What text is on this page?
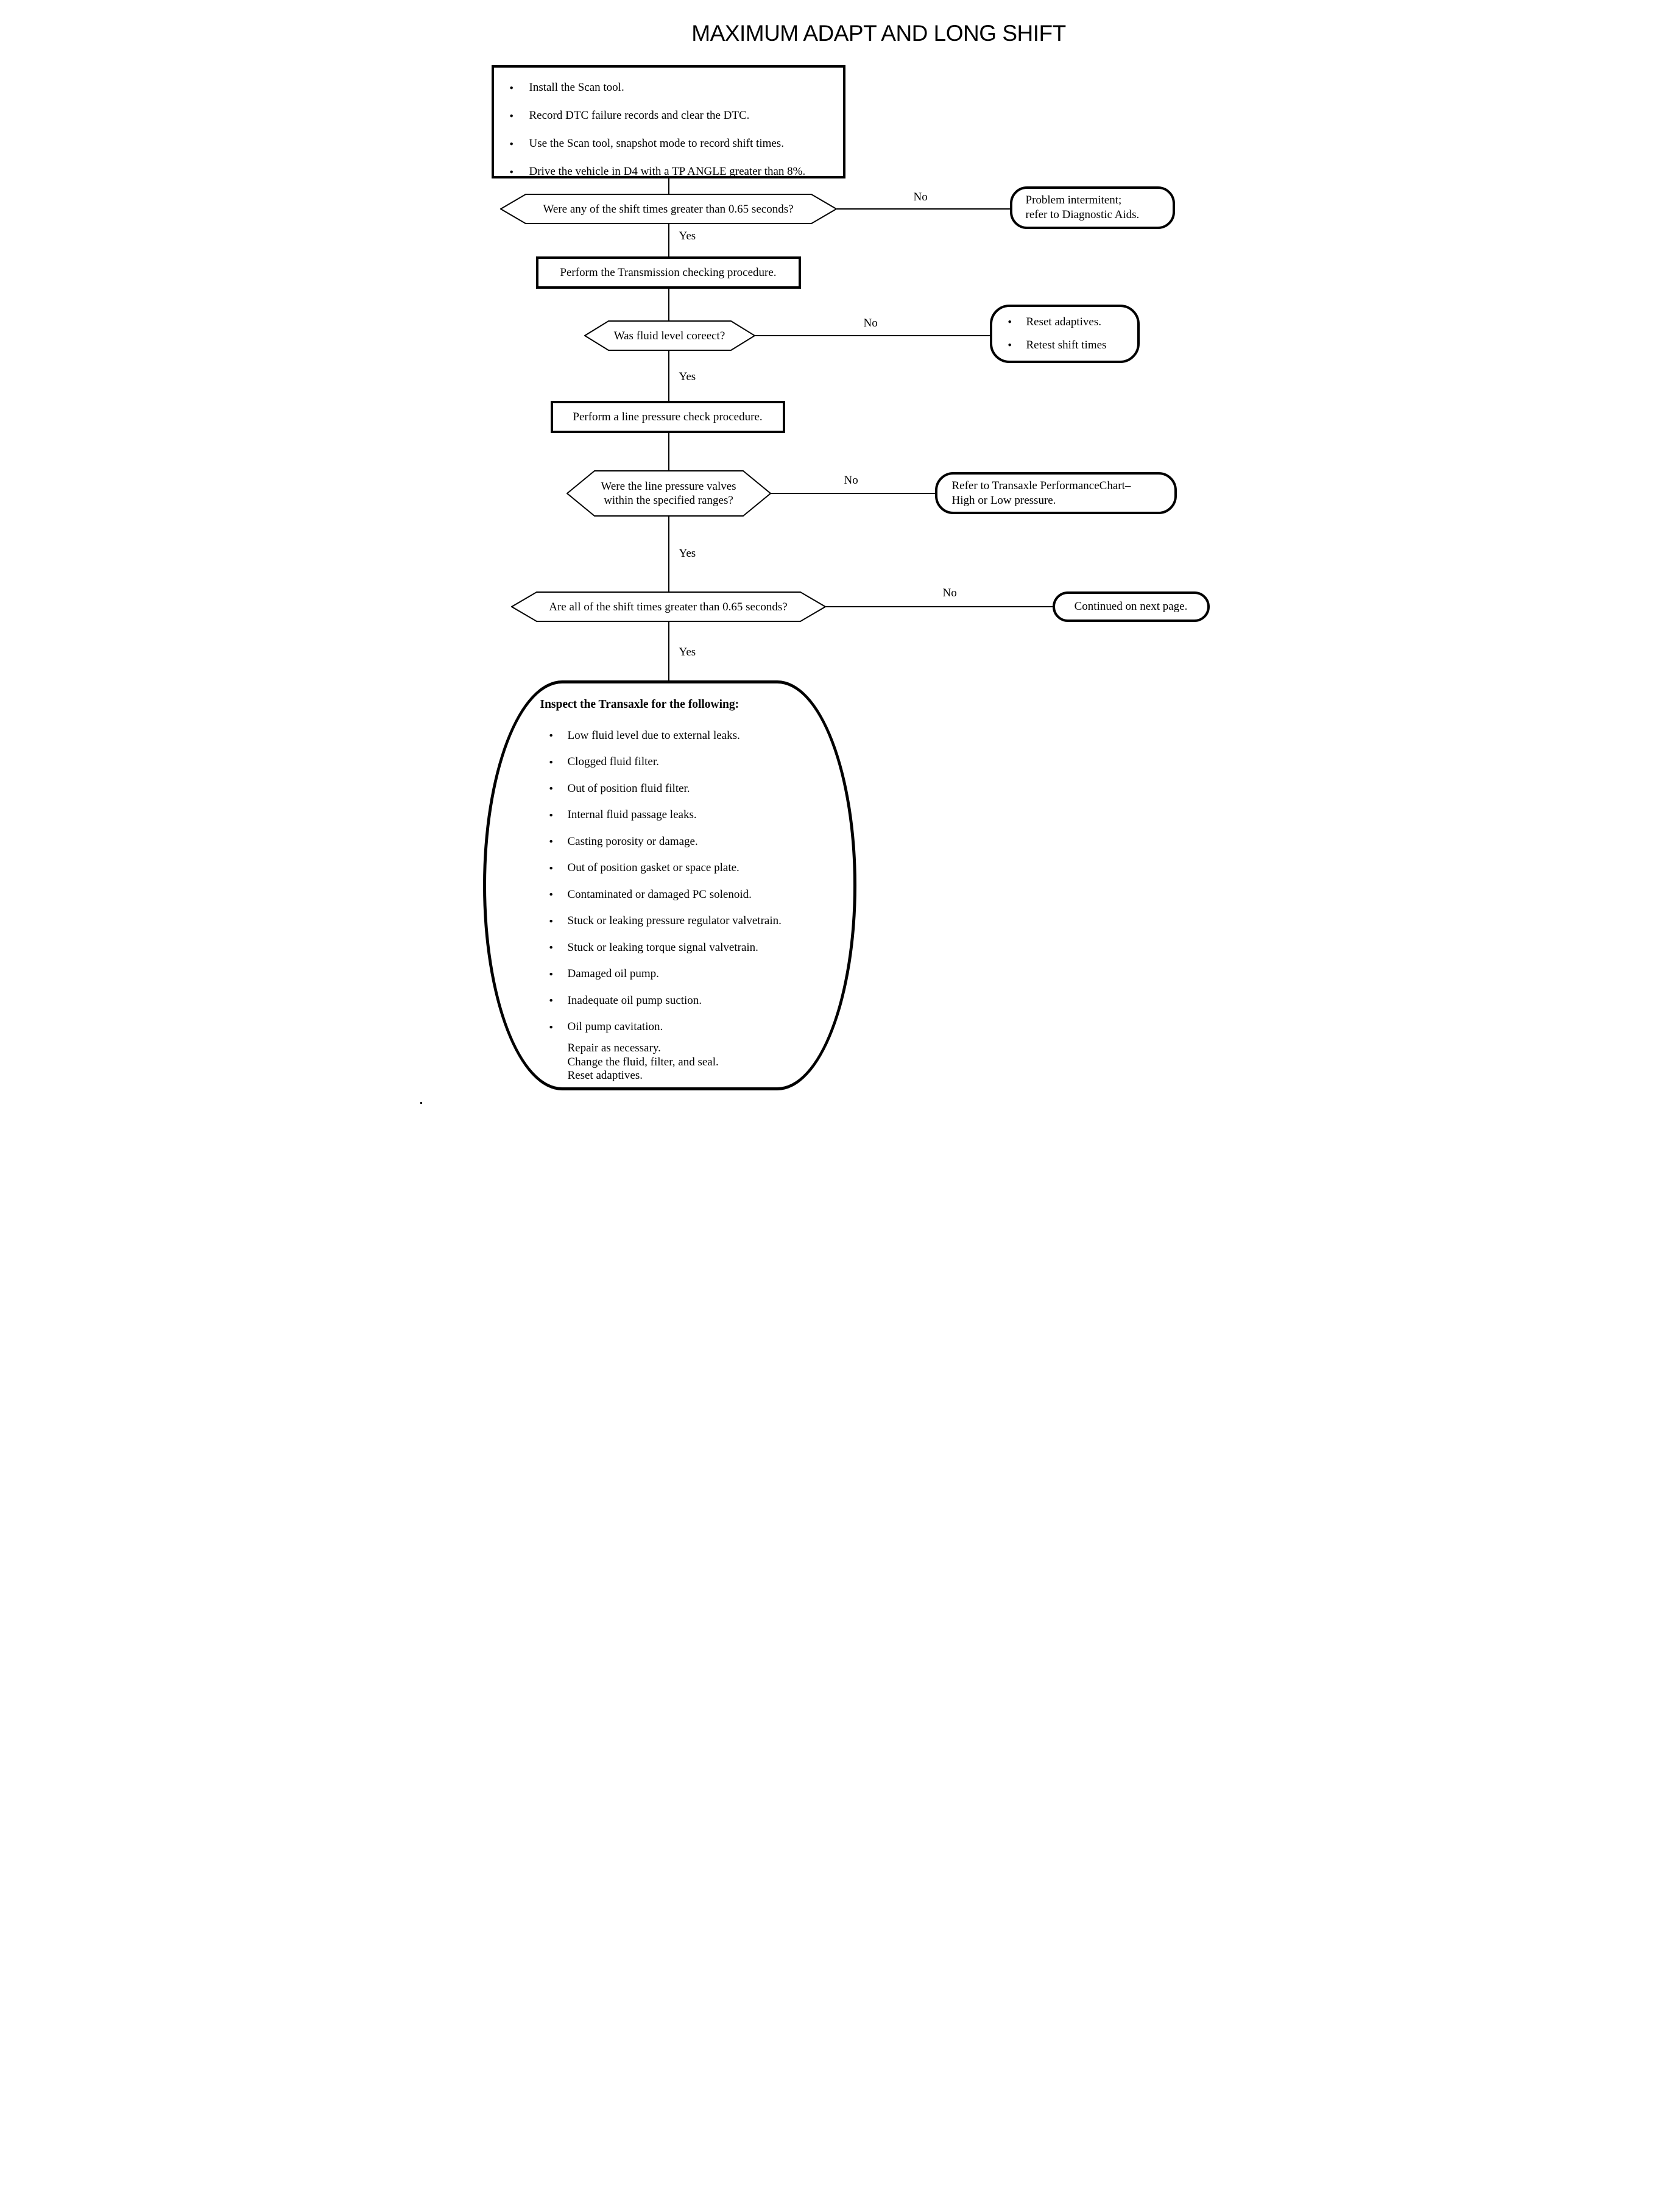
MAXIMUM ADAPT AND LONG SHIFT
● Install the Scan tool.
● Record DTC failure records and clear the DTC.
● Use the Scan tool, snapshot mode to record shift times.
● Drive the vehicle in D4 with a TP ANGLE greater than 8%.
Were any of the shift times greater than 0.65 seconds?
No	Problem intermitent;
refer to Diagnostic Aids.
Yes
Perform the Transmission checking procedure.
Was fluid level coreect?
No	● Reset adaptives.
● Retest shift times
Yes
Perform a line pressure check procedure.
Were the line pressure valves
within the specified ranges?
No	Refer to Transaxle PerformanceChart–
High or Low pressure.
Yes
Are all of the shift times greater than 0.65 seconds?
No
Continued on next page.
Yes
Inspect the Transaxle for the following:
● Low fluid level due to external leaks.
● Clogged fluid filter.
● Out of position fluid filter.
● Internal fluid passage leaks.
● Casting porosity or damage.
● Out of position gasket or space plate.
● Contaminated or damaged PC solenoid.
● Stuck or leaking pressure regulator valvetrain.
● Stuck or leaking torque signal valvetrain.
● Damaged oil pump.
● Inadequate oil pump suction.
● Oil pump cavitation.
Repair as necessary.
Change the fluid, filter, and seal.
Reset adaptives.
